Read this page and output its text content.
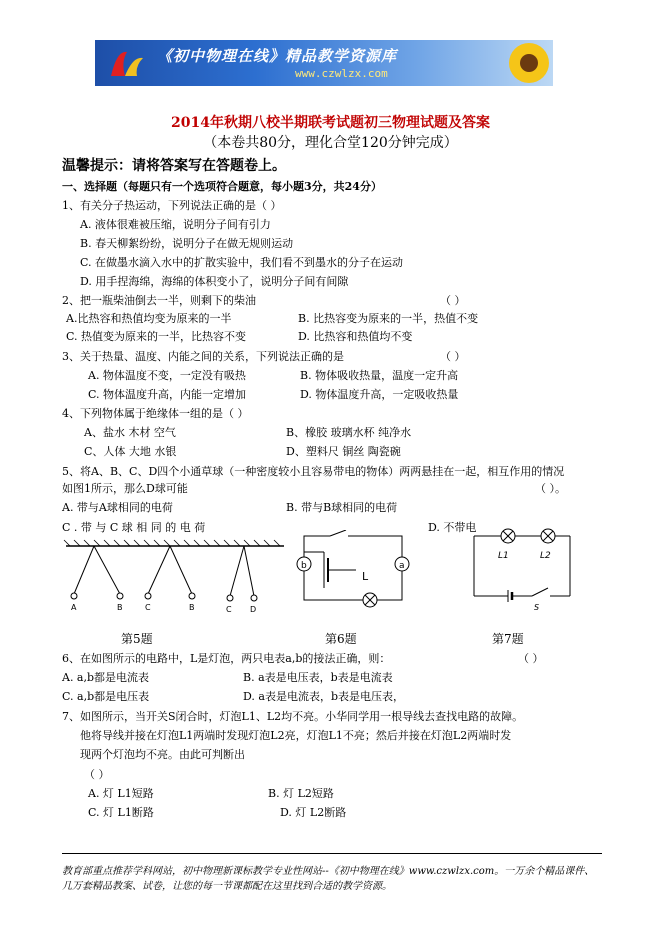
《初中物理在线》精品教学资源库
www.czwlzx.com
2014年秋期八校半期联考试题初三物理试题及答案
（本卷共80分，理化合堂120分钟完成）
温馨提示：请将答案写在答题卷上。
一、选择题（每题只有一个选项符合题意，每小题3分，共24分）
1、有关分子热运动，下列说法正确的是（ ）
A. 液体很难被压缩，说明分子间有引力
B. 春天柳絮纷纷，说明分子在做无规则运动
C. 在做墨水滴入水中的扩散实验中，我们看不到墨水的分子在运动
D. 用手捏海绵，海绵的体积变小了，说明分子间有间隙
2、把一瓶柴油倒去一半，则剩下的柴油	（ ）
A.比热容和热值均变为原来的一半	B. 比热容变为原来的一半，热值不变
C. 热值变为原来的一半，比热容不变	D. 比热容和热值均不变
3、关于热量、温度、内能之间的关系，下列说法正确的是	（ ）
A. 物体温度不变，一定没有吸热	B. 物体吸收热量，温度一定升高
C. 物体温度升高，内能一定增加	D. 物体温度升高，一定吸收热量
4、下列物体属于绝缘体一组的是（ ）
A、盐水 木材 空气	B、橡胶 玻璃水杯 纯净水
C、人体 大地 水银	D、塑料尺 铜丝 陶瓷碗
5、将A、B、C、D四个小通草球（一种密度较小且容易带电的物体）两两悬挂在一起，相互作用的情况
如图1所示，那么D球可能	（ ）。
A. 带与A球相同的电荷	B. 带与B球相同的电荷
C . 带 与 C 球 相 同 的 电 荷	D. 不带电
A	B	C	B	C D
b	a
L
L1	L2
S
第5题	第6题	第7题
6、在如图所示的电路中，L是灯泡，两只电表a,b的接法正确，则：	（ ）
A. a,b都是电流表	B. a表是电压表，b表是电流表
C. a,b都是电压表	D. a表是电流表，b表是电压表，
7、如图所示，当开关S闭合时，灯泡L1、L2均不亮。小华同学用一根导线去查找电路的故障。
他将导线并接在灯泡L1两端时发现灯泡L2亮，灯泡L1不亮；然后并接在灯泡L2两端时发
现两个灯泡均不亮。由此可判断出
（ ）
A. 灯 L1短路	B. 灯 L2短路
C. 灯 L1断路	D. 灯 L2断路
教育部重点推荐学科网站，初中物理新课标教学专业性网站--《初中物理在线》www.czwlzx.com。一万余个精品课件、
几万套精品教案、试卷，让您的每一节课都配在这里找到合适的教学资源。
